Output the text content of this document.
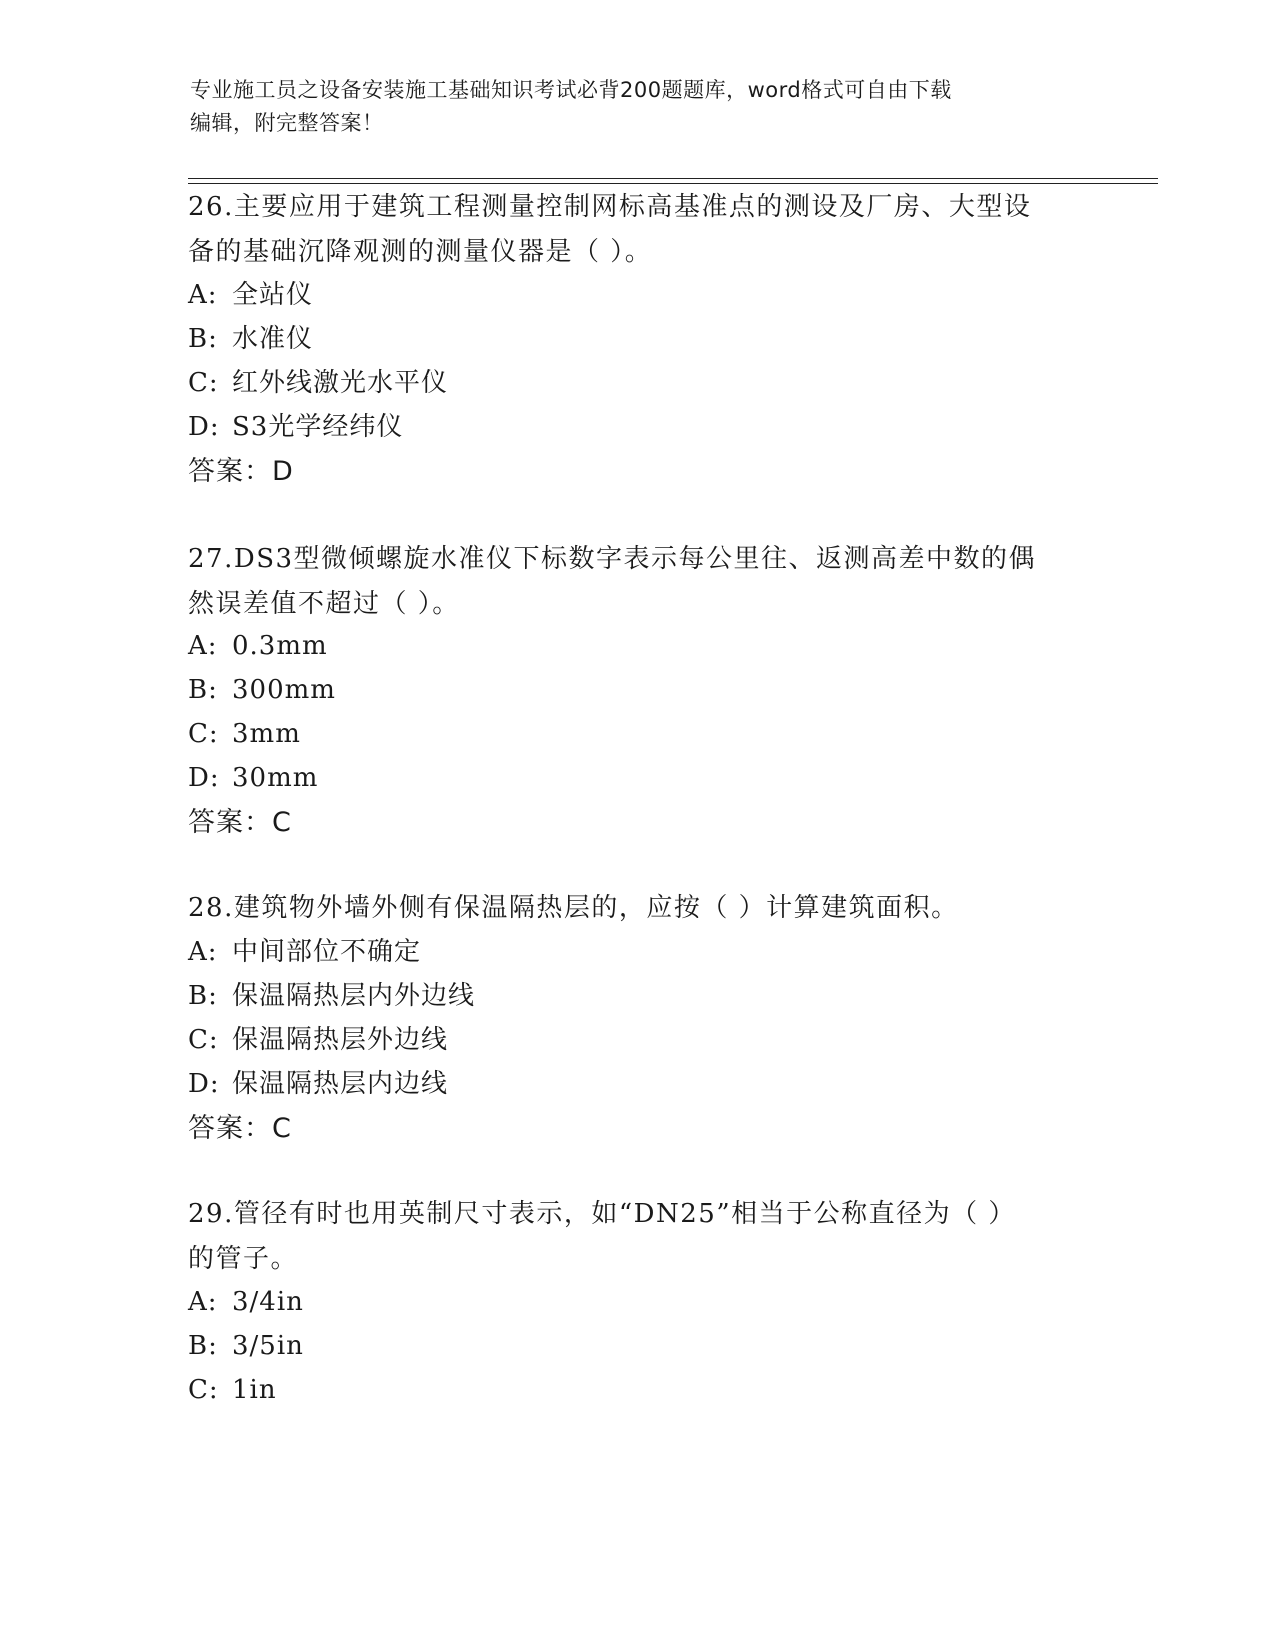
专业施工员之设备安装施工基础知识考试必背200题题库，word格式可自由下载
编辑，附完整答案！
26.主要应用于建筑工程测量控制网标高基准点的测设及厂房、大型设
备的基础沉降观测的测量仪器是（ ）。
A: 全站仪
B: 水准仪
C: 红外线激光水平仪
D: S3光学经纬仪
答案：D
27.DS3型微倾螺旋水准仪下标数字表示每公里往、返测高差中数的偶
然误差值不超过（ ）。
A: 0.3mm
B: 300mm
C: 3mm
D: 30mm
答案：C
28.建筑物外墙外侧有保温隔热层的，应按（ ）计算建筑面积。
A: 中间部位不确定
B: 保温隔热层内外边线
C: 保温隔热层外边线
D: 保温隔热层内边线
答案：C
29.管径有时也用英制尺寸表示，如“DN25”相当于公称直径为（ ）
的管子。
A: 3/4in
B: 3/5in
C: 1in
